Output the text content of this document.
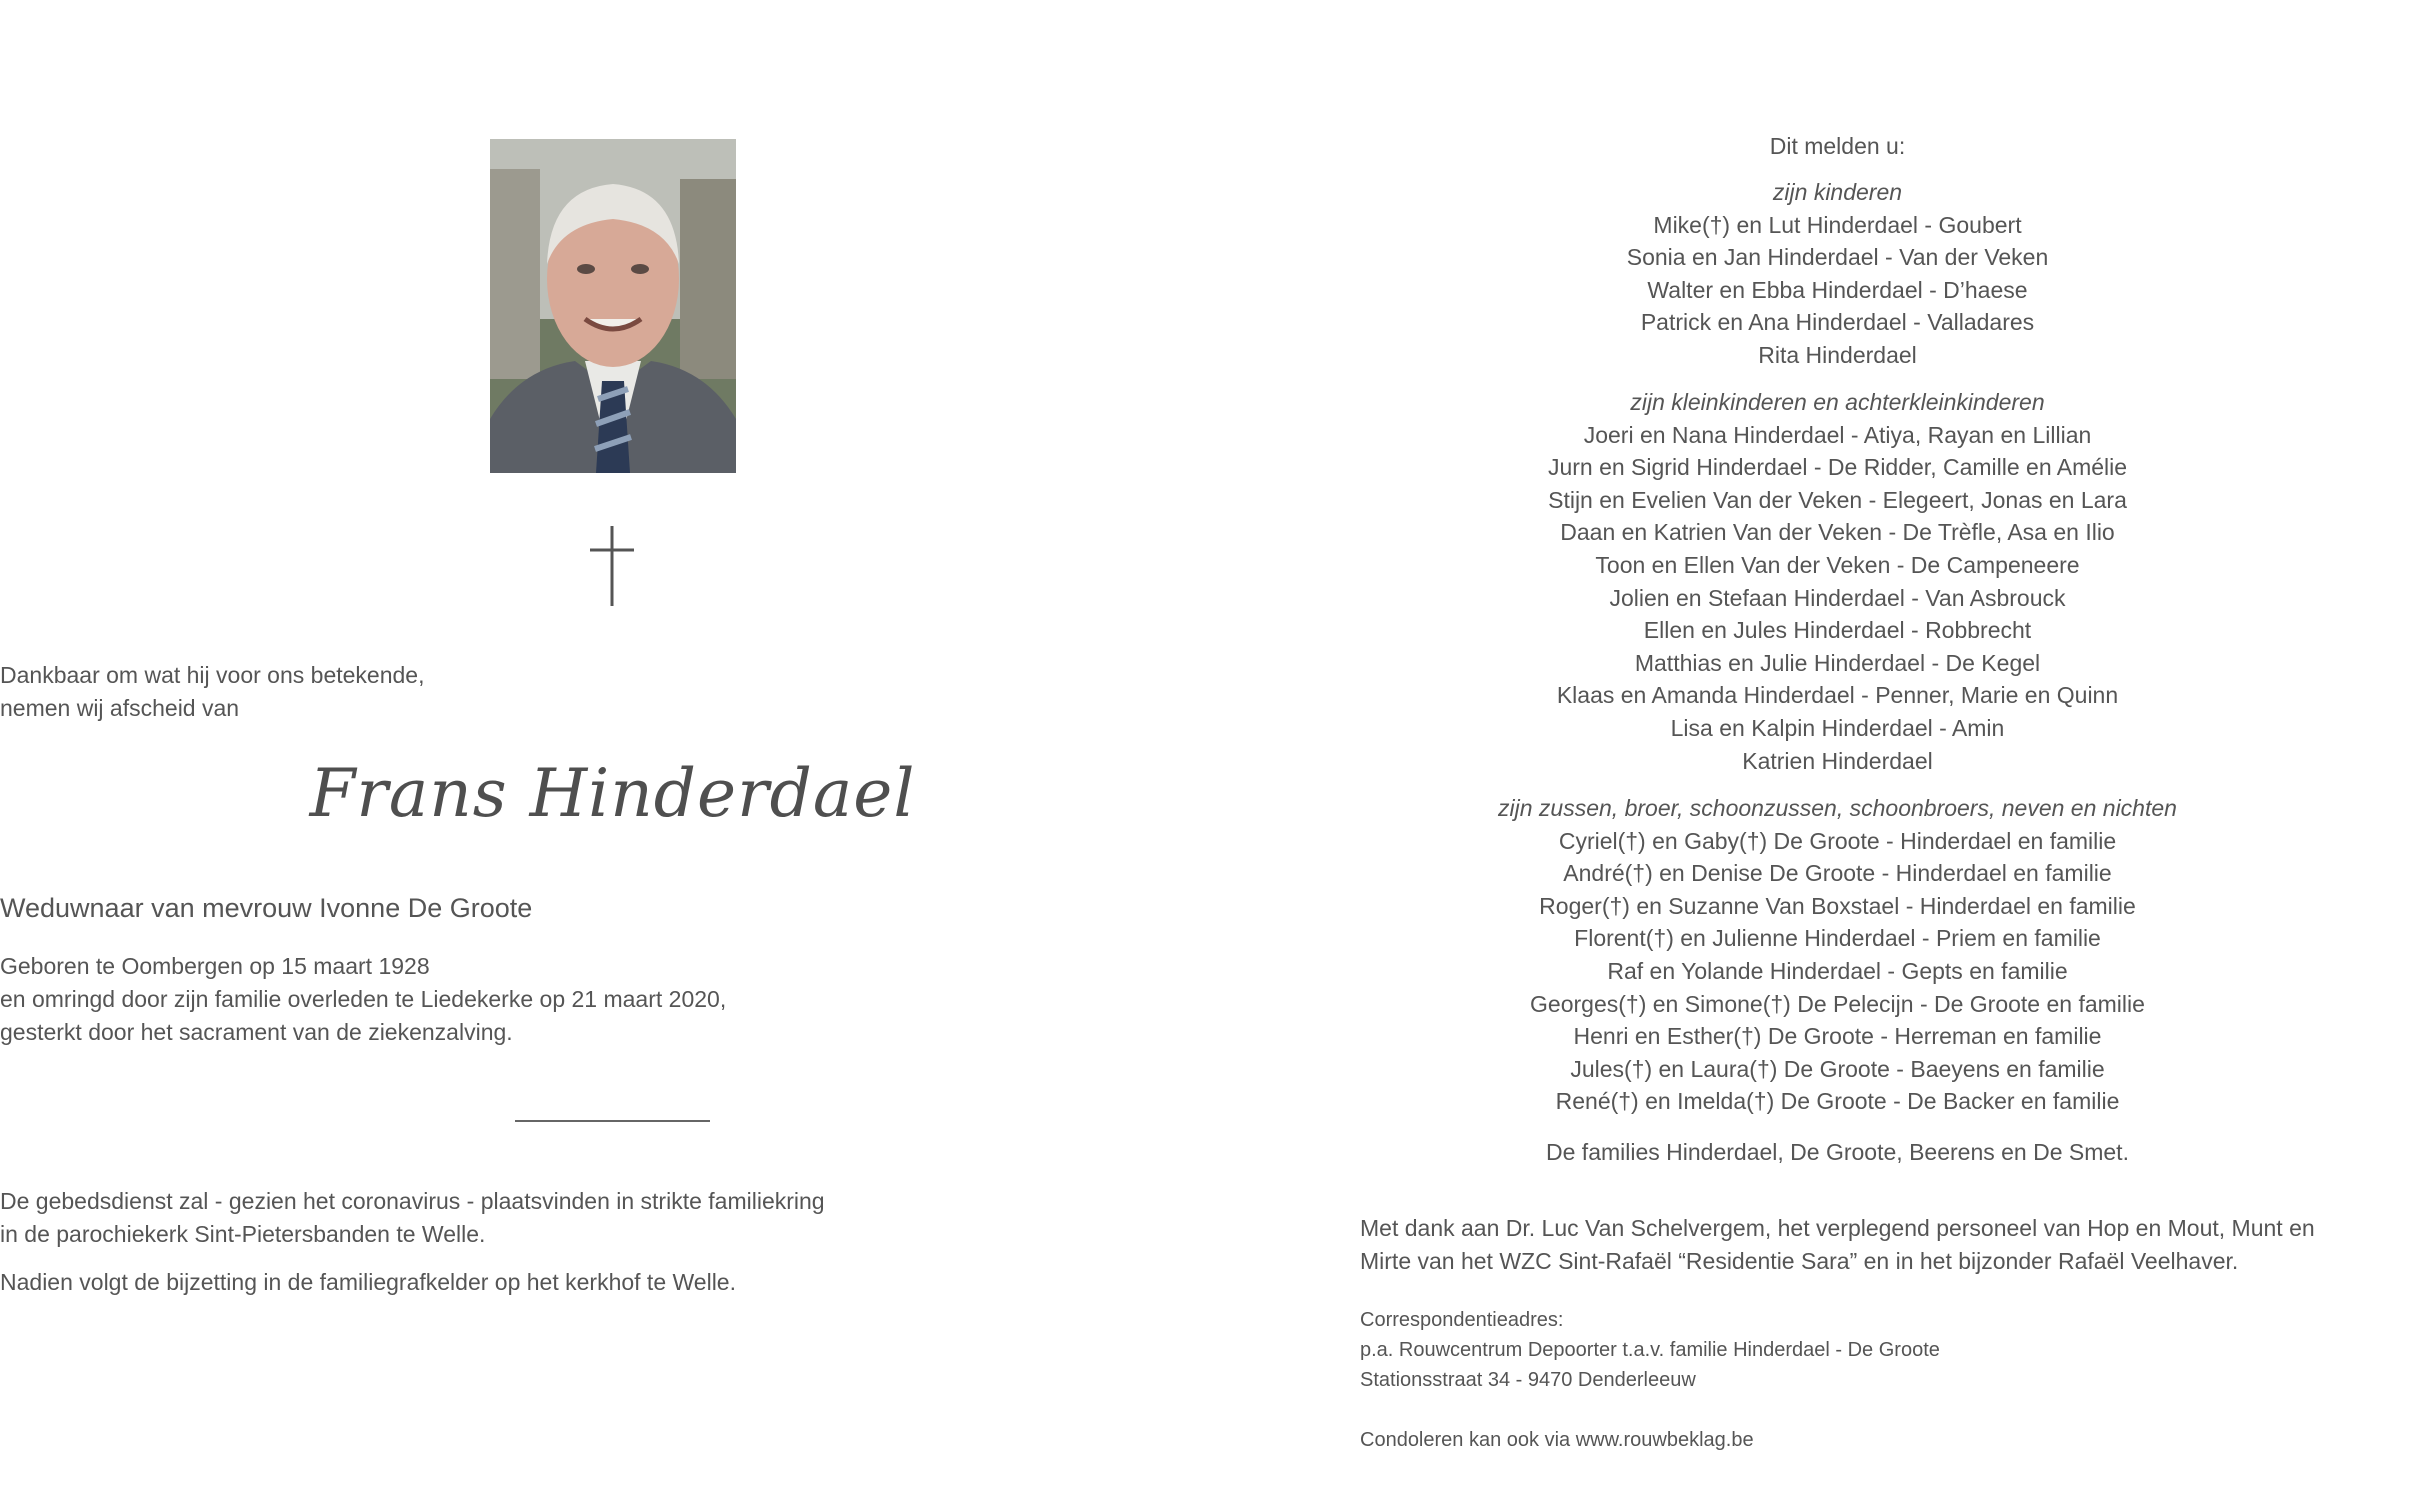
Dankbaar om wat hij voor ons betekende,
nemen wij afscheid van
Frans Hinderdael
Weduwnaar van mevrouw Ivonne De Groote
Geboren te Oombergen op 15 maart 1928
en omringd door zijn familie overleden te Liedekerke op 21 maart 2020,
gesterkt door het sacrament van de ziekenzalving.
De gebedsdienst zal - gezien het coronavirus - plaatsvinden in strikte familiekring
in de parochiekerk Sint-Pietersbanden te Welle.
Nadien volgt de bijzetting in de familiegrafkelder op het kerkhof te Welle.
Dit melden u:
zijn kinderen
Mike(†) en Lut Hinderdael - Goubert
Sonia en Jan Hinderdael - Van der Veken
Walter en Ebba Hinderdael - D’haese
Patrick en Ana Hinderdael - Valladares
Rita Hinderdael
zijn kleinkinderen en achterkleinkinderen
Joeri en Nana Hinderdael - Atiya, Rayan en Lillian
Jurn en Sigrid Hinderdael - De Ridder, Camille en Amélie
Stijn en Evelien Van der Veken - Elegeert, Jonas en Lara
Daan en Katrien Van der Veken - De Trèfle, Asa en Ilio
Toon en Ellen Van der Veken - De Campeneere
Jolien en Stefaan Hinderdael - Van Asbrouck
Ellen en Jules Hinderdael - Robbrecht
Matthias en Julie Hinderdael - De Kegel
Klaas en Amanda Hinderdael - Penner, Marie en Quinn
Lisa en Kalpin Hinderdael - Amin
Katrien Hinderdael
zijn zussen, broer, schoonzussen, schoonbroers, neven en nichten
Cyriel(†) en Gaby(†) De Groote - Hinderdael en familie
André(†) en Denise De Groote - Hinderdael en familie
Roger(†) en Suzanne Van Boxstael - Hinderdael en familie
Florent(†) en Julienne Hinderdael - Priem en familie
Raf en Yolande Hinderdael - Gepts en familie
Georges(†) en Simone(†) De Pelecijn - De Groote en familie
Henri en Esther(†) De Groote - Herreman en familie
Jules(†) en Laura(†) De Groote - Baeyens en familie
René(†) en Imelda(†) De Groote - De Backer en familie
De families Hinderdael, De Groote, Beerens en De Smet.
Met dank aan Dr. Luc Van Schelvergem, het verplegend personeel van Hop en Mout, Munt en
Mirte van het WZC Sint-Rafaël “Residentie Sara” en in het bijzonder Rafaël Veelhaver.
Correspondentieadres:
p.a. Rouwcentrum Depoorter t.a.v. familie Hinderdael - De Groote
Stationsstraat 34 - 9470 Denderleeuw
Condoleren kan ook via www.rouwbeklag.be
